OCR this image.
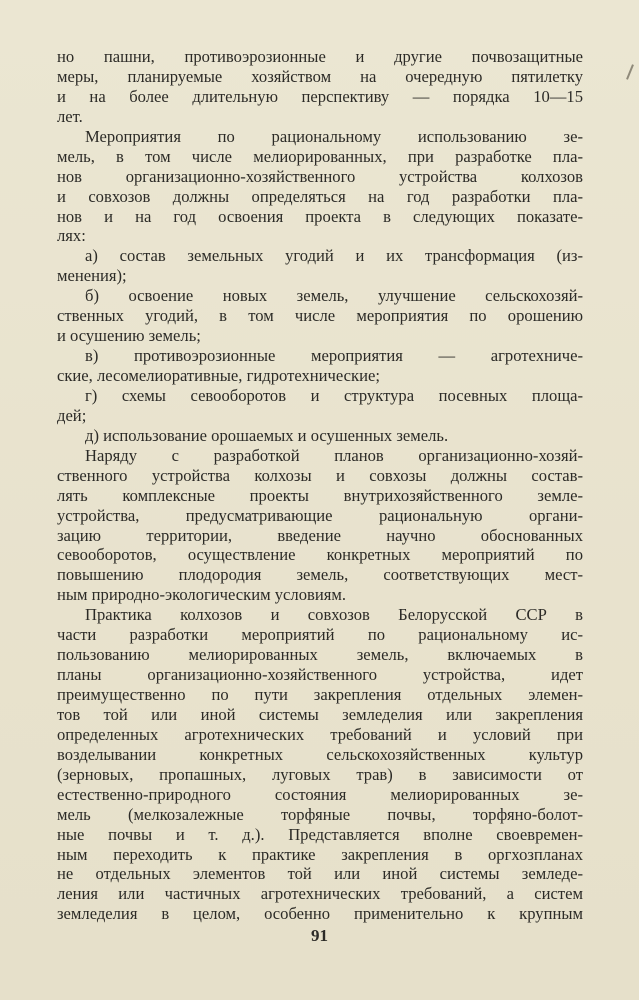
но пашни, противоэрозионные и другие почвозащитные
меры, планируемые хозяйством на очередную пятилетку
и на более длительную перспективу — порядка 10—15
лет.
Мероприятия по рациональному использованию зе-
мель, в том числе мелиорированных, при разработке пла-
нов организационно-хозяйственного устройства колхозов
и совхозов должны определяться на год разработки пла-
нов и на год освоения проекта в следующих показате-
лях:
а) состав земельных угодий и их трансформация (из-
менения);
б) освоение новых земель, улучшение сельскохозяй-
ственных угодий, в том числе мероприятия по орошению
и осушению земель;
в) противоэрозионные мероприятия — агротехниче-
ские, лесомелиоративные, гидротехнические;
г) схемы севооборотов и структура посевных площа-
дей;
д) использование орошаемых и осушенных земель.
Наряду с разработкой планов организационно-хозяй-
ственного устройства колхозы и совхозы должны состав-
лять комплексные проекты внутрихозяйственного земле-
устройства, предусматривающие рациональную органи-
зацию территории, введение научно обоснованных
севооборотов, осуществление конкретных мероприятий по
повышению плодородия земель, соответствующих мест-
ным природно-экологическим условиям.
Практика колхозов и совхозов Белорусской ССР в
части разработки мероприятий по рациональному ис-
пользованию мелиорированных земель, включаемых в
планы организационно-хозяйственного устройства, идет
преимущественно по пути закрепления отдельных элемен-
тов той или иной системы земледелия или закрепления
определенных агротехнических требований и условий при
возделывании конкретных сельскохозяйственных культур
(зерновых, пропашных, луговых трав) в зависимости от
естественно-природного состояния мелиорированных зе-
мель (мелкозалежные торфяные почвы, торфяно-болот-
ные почвы и т. д.). Представляется вполне своевремен-
ным переходить к практике закрепления в оргхозпланах
не отдельных элементов той или иной системы земледе-
ления или частичных агротехнических требований, а систем
земледелия в целом, особенно применительно к крупным
91
